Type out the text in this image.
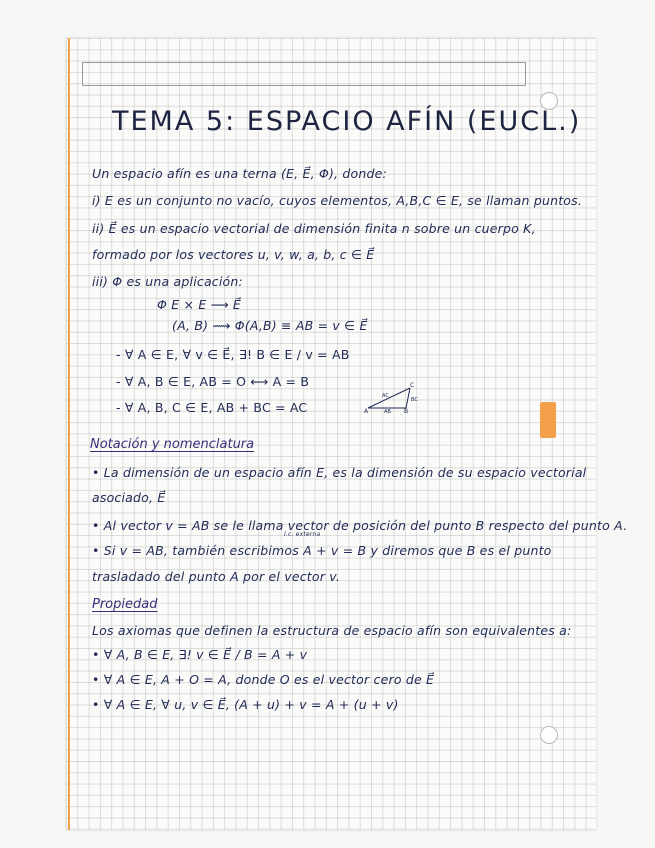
TEMA 5: ESPACIO AFÍN (EUCL.)
Un espacio afín es una terna (E, E⃗, Φ), donde:
i) E es un conjunto no vacío, cuyos elementos, A,B,C ∈ E, se llaman puntos.
ii) E⃗ es un espacio vectorial de dimensión finita n sobre un cuerpo K,
formado por los vectores u, v, w, a, b, c ∈ E⃗
iii) Φ es una aplicación:
Φ E × E ⟶ E⃗
(A, B) ⟿ Φ(A,B) ≡ AB = v ∈ E⃗
- ∀ A ∈ E, ∀ v ∈ E⃗, ∃! B ∈ E / v = AB
- ∀ A, B ∈ E, AB = O ⟷ A = B
- ∀ A, B, C ∈ E, AB + BC = AC	A	B
C
AB
BC
AC
Notación y nomenclatura
• La dimensión de un espacio afín E, es la dimensión de su espacio vectorial
asociado, E⃗
• Al vector v = AB se le llama vector de posición del punto B respecto del punto A.
l.c. externa
• Si v = AB, también escribimos A + v = B y diremos que B es el punto
trasladado del punto A por el vector v.
Propiedad
Los axiomas que definen la estructura de espacio afín son equivalentes a:
• ∀ A, B ∈ E, ∃! v ∈ E⃗ / B = A + v
• ∀ A ∈ E, A + O = A, donde O es el vector cero de E⃗
• ∀ A ∈ E, ∀ u, v ∈ E⃗, (A + u) + v = A + (u + v)
